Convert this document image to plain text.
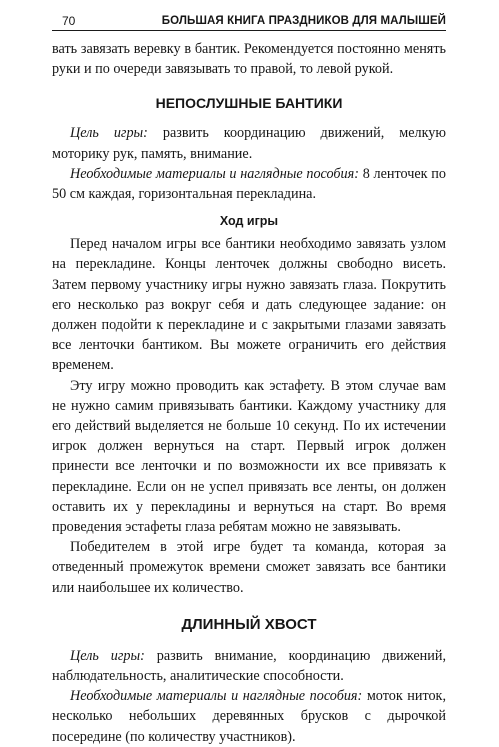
70	БОЛЬШАЯ КНИГА ПРАЗДНИКОВ ДЛЯ МАЛЫШЕЙ

вать завязать веревку в бантик. Рекомендуется постоянно менять руки и по очереди завязывать то правой, то левой рукой.

НЕПОСЛУШНЫЕ БАНТИКИ

Цель игры: развить координацию движений, мелкую моторику рук, память, внимание.

Необходимые материалы и наглядные пособия: 8 ленточек по 50 см каждая, горизонтальная перекладина.

Ход игры

Перед началом игры все бантики необходимо завязать узлом на перекладине. Концы ленточек должны свободно висеть. Затем первому участнику игры нужно завязать глаза. Покрутить его несколько раз вокруг себя и дать следующее задание: он должен подойти к перекладине и с закрытыми глазами завязать все ленточки бантиком. Вы можете ограничить его действия временем.

Эту игру можно проводить как эстафету. В этом случае вам не нужно самим привязывать бантики. Каждому участнику для его действий выделяется не больше 10 секунд. По их истечении игрок должен вернуться на старт. Первый игрок должен принести все ленточки и по возможности их все привязать к перекладине. Если он не успел привязать все ленты, он должен оставить их у перекладины и вернуться на старт. Во время проведения эстафеты глаза ребятам можно не завязывать.

Победителем в этой игре будет та команда, которая за отведенный промежуток времени сможет завязать все бантики или наибольшее их количество.

ДЛИННЫЙ ХВОСТ

Цель игры: развить внимание, координацию движений, наблюдательность, аналитические способности.

Необходимые материалы и наглядные пособия: моток ниток, несколько небольших деревянных брусков с дырочкой посередине (по количеству участников).
